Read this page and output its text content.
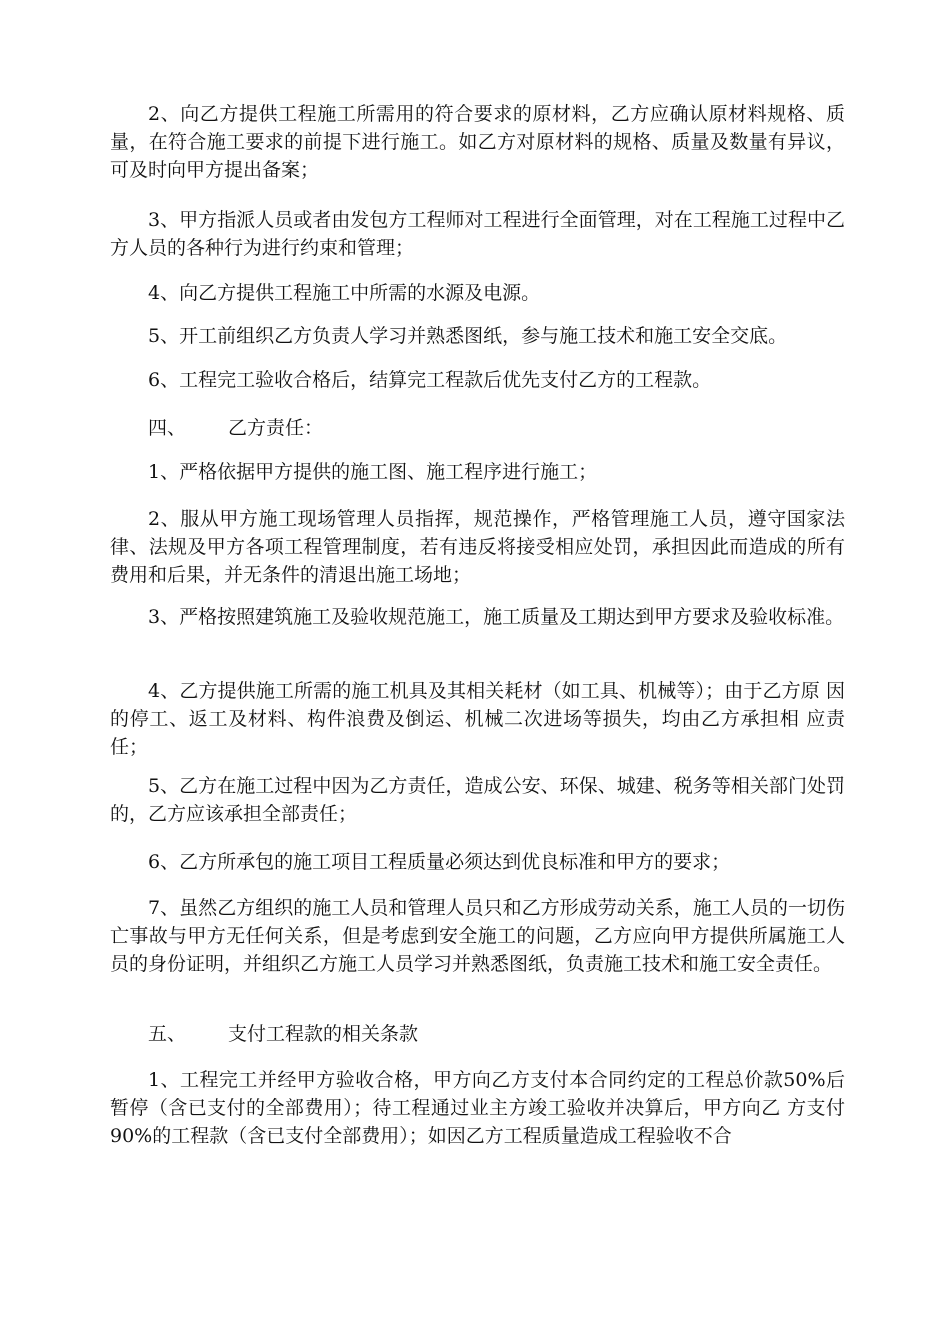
2、向乙方提供工程施工所需用的符合要求的原材料，乙方应确认原材料规格、质量，在符合施工要求的前提下进行施工。如乙方对原材料的规格、质量及数量有异议，可及时向甲方提出备案；

3、甲方指派人员或者由发包方工程师对工程进行全面管理，对在工程施工过程中乙方人员的各种行为进行约束和管理；

4、向乙方提供工程施工中所需的水源及电源。

5、开工前组织乙方负责人学习并熟悉图纸，参与施工技术和施工安全交底。

6、工程完工验收合格后，结算完工程款后优先支付乙方的工程款。

四、 乙方责任：

1、严格依据甲方提供的施工图、施工程序进行施工；

2、服从甲方施工现场管理人员指挥，规范操作，严格管理施工人员，遵守国家法律、法规及甲方各项工程管理制度，若有违反将接受相应处罚，承担因此而造成的所有费用和后果，并无条件的清退出施工场地；

3、严格按照建筑施工及验收规范施工，施工质量及工期达到甲方要求及验收标准。

4、乙方提供施工所需的施工机具及其相关耗材（如工具、机械等）；由于乙方原 因的停工、返工及材料、构件浪费及倒运、机械二次进场等损失，均由乙方承担相 应责任；

5、乙方在施工过程中因为乙方责任，造成公安、环保、城建、税务等相关部门处罚的，乙方应该承担全部责任；

6、乙方所承包的施工项目工程质量必须达到优良标准和甲方的要求；

7、虽然乙方组织的施工人员和管理人员只和乙方形成劳动关系，施工人员的一切伤亡事故与甲方无任何关系，但是考虑到安全施工的问题，乙方应向甲方提供所属施工人员的身份证明，并组织乙方施工人员学习并熟悉图纸，负责施工技术和施工安全责任。

五、 支付工程款的相关条款

1、工程完工并经甲方验收合格，甲方向乙方支付本合同约定的工程总价款50%后暂停（含已支付的全部费用）；待工程通过业主方竣工验收并决算后，甲方向乙 方支付 90%的工程款（含已支付全部费用）；如因乙方工程质量造成工程验收不合
